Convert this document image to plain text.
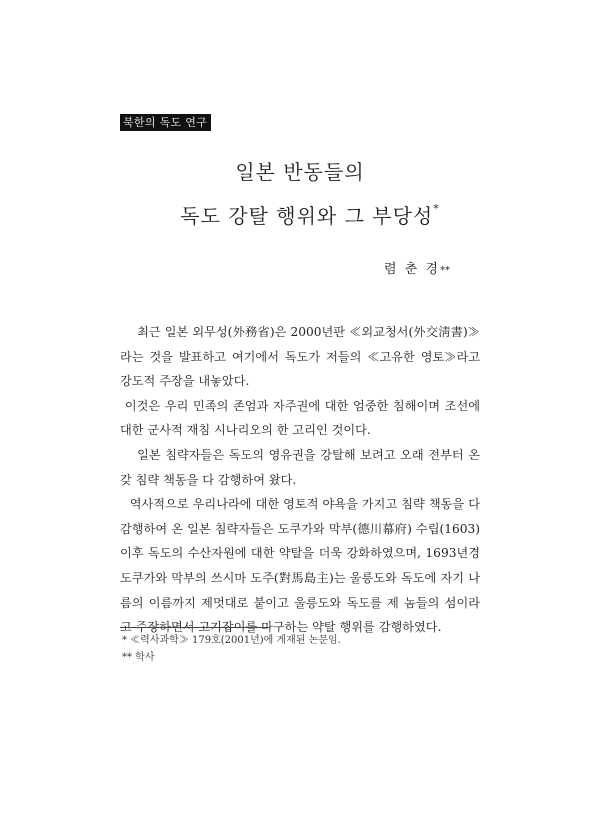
북한의 독도 연구
일본 반동들의
독도 강탈 행위와 그 부당성*
렴 춘 경**

최근 일본 외무성(外務省)은 2000년판 ≪외교청서(外交淸書)≫라는 것을 발표하고 여기에서 독도가 저들의 ≪고유한 영토≫라고 강도적 주장을 내놓았다.

이것은 우리 민족의 존엄과 자주권에 대한 엄중한 침해이며 조선에 대한 군사적 재침 시나리오의 한 고리인 것이다.

일본 침략자들은 독도의 영유권을 강탈해 보려고 오래 전부터 온갖 침략 책동을 다 감행하여 왔다.

역사적으로 우리나라에 대한 영토적 야욕을 가지고 침략 책동을 다 감행하여 온 일본 침략자들은 도쿠가와 막부(德川幕府) 수립(1603) 이후 독도의 수산자원에 대한 약탈을 더욱 강화하였으며, 1693년경 도쿠가와 막부의 쓰시마 도주(對馬島主)는 울릉도와 독도에 자기 나름의 이름까지 제멋대로 붙이고 울릉도와 독도를 제 놈들의 섬이라고 주장하면서 고기잡이를 마구하는 약탈 행위를 감행하였다.

* ≪력사과학≫ 179호(2001년)에 게재된 논문임.

** 학사
